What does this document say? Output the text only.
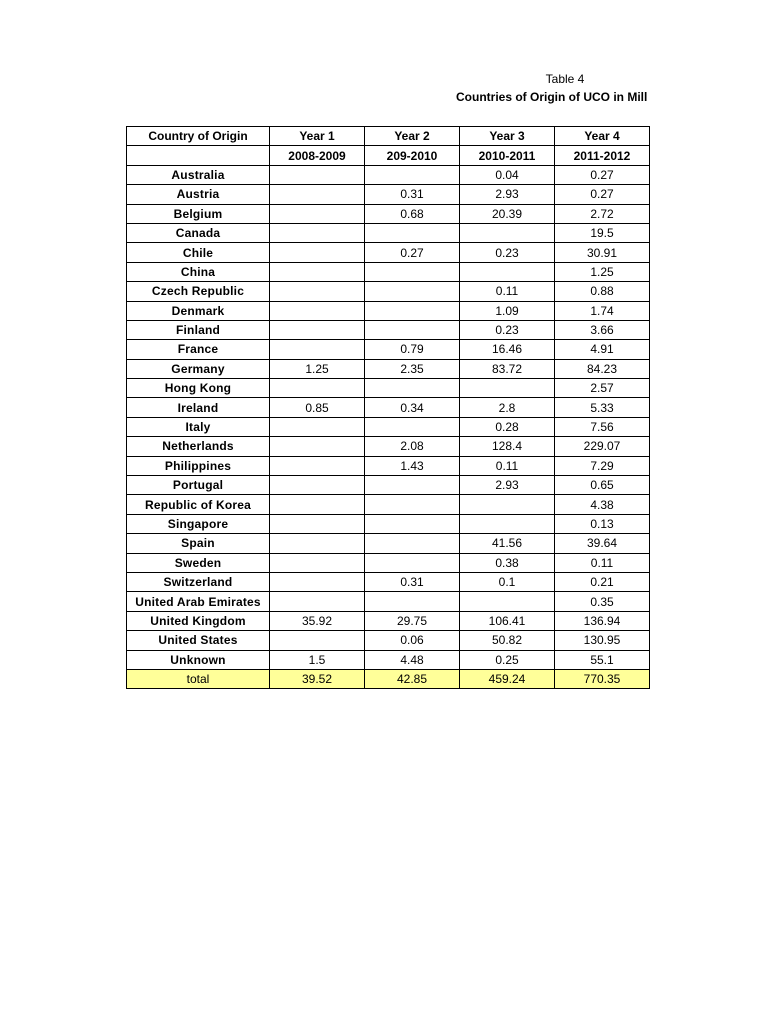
Table 4
Countries of Origin of UCO in Mill
Country of Origin	Year 1	Year 2	Year 3	Year 4
	2008-2009	209-2010	2010-2011	2011-2012
Australia			0.04	0.27
Austria		0.31	2.93	0.27
Belgium		0.68	20.39	2.72
Canada				19.5
Chile		0.27	0.23	30.91
China				1.25
Czech Republic			0.11	0.88
Denmark			1.09	1.74
Finland			0.23	3.66
France		0.79	16.46	4.91
Germany	1.25	2.35	83.72	84.23
Hong Kong				2.57
Ireland	0.85	0.34	2.8	5.33
Italy			0.28	7.56
Netherlands		2.08	128.4	229.07
Philippines		1.43	0.11	7.29
Portugal			2.93	0.65
Republic of Korea				4.38
Singapore				0.13
Spain			41.56	39.64
Sweden			0.38	0.11
Switzerland		0.31	0.1	0.21
United Arab Emirates				0.35
United Kingdom	35.92	29.75	106.41	136.94
United States		0.06	50.82	130.95
Unknown	1.5	4.48	0.25	55.1
total	39.52	42.85	459.24	770.35
